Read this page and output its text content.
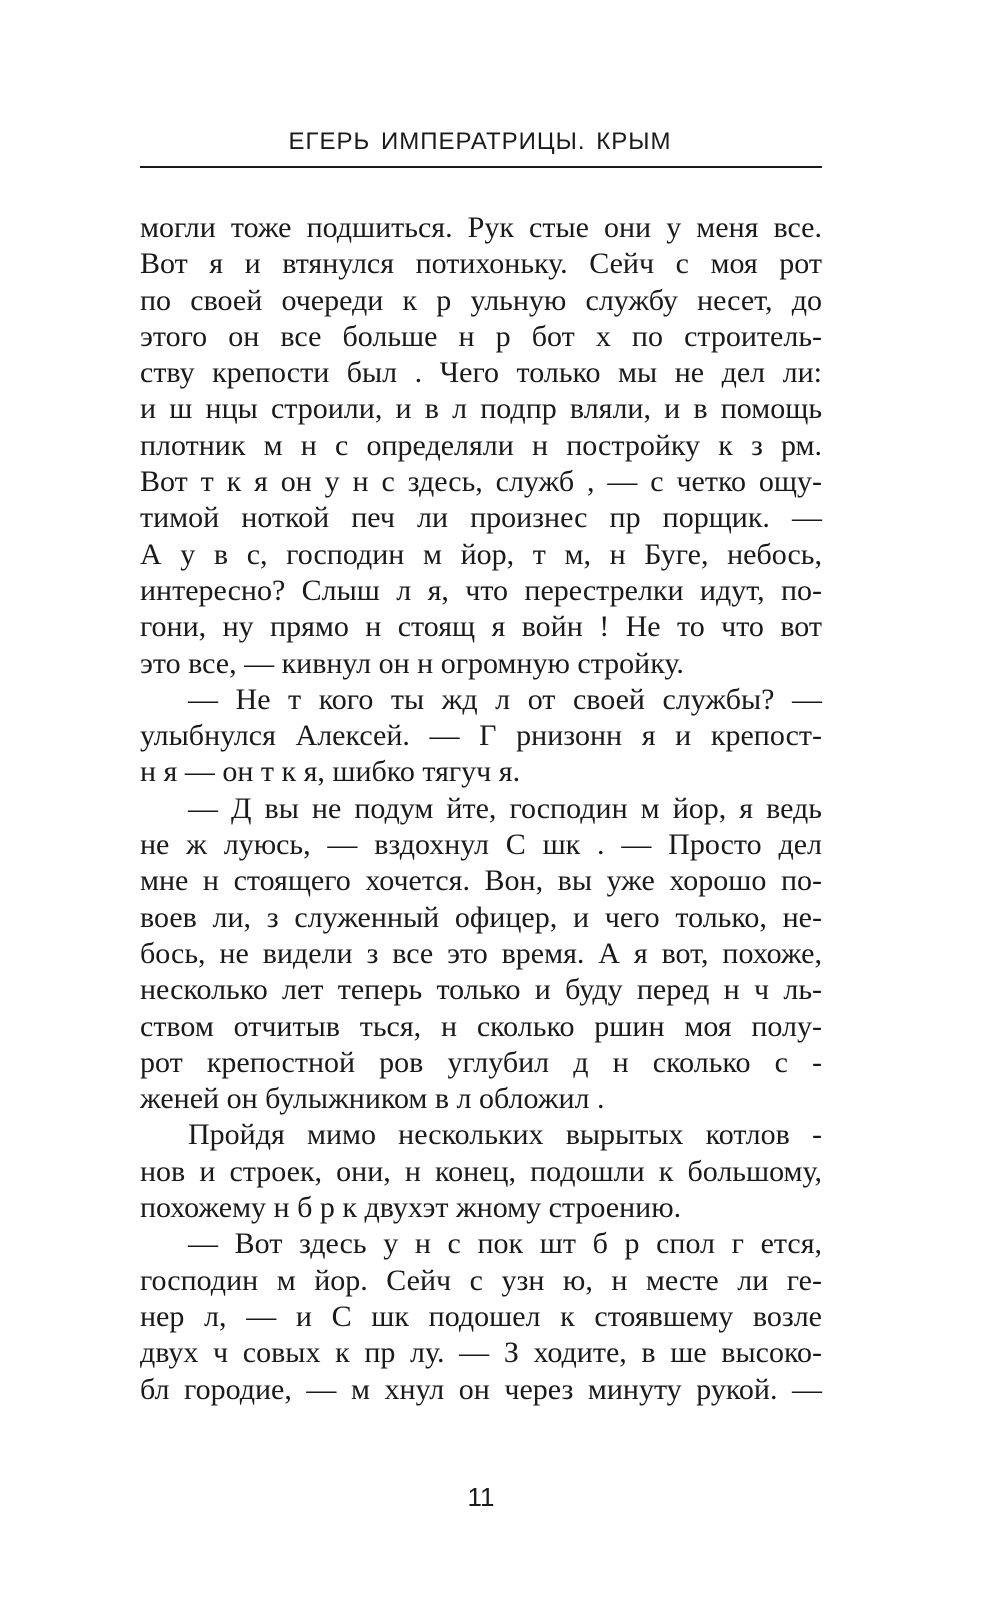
ЕГЕРЬ ИМПЕРАТРИЦЫ. КРЫМ
могли тоже подшиться. Рук стые они у меня все.
Вот я и втянулся потихоньку. Сейч с моя рот
по своей очереди к р ульную службу несет, до
этого он все больше н р бот х по строитель-
ству крепости был . Чего только мы не дел ли:
и ш нцы строили, и в л подпр вляли, и в помощь
плотник м н с определяли н постройку к з рм.
Вот т к я он у н с здесь, служб , — с четко ощу-
тимой ноткой печ ли произнес пр порщик. —
А у в с, господин м йор, т м, н Буге, небось,
интересно? Слыш л я, что перестрелки идут, по-
гони, ну прямо н стоящ я войн ! Не то что вот
это все, — кивнул он н огромную стройку.
— Не т кого ты жд л от своей службы? —
улыбнулся Алексей. — Г рнизонн я и крепост-
н я — он т к я, шибко тягуч я.
— Д вы не подум йте, господин м йор, я ведь
не ж луюсь, — вздохнул С шк . — Просто дел
мне н стоящего хочется. Вон, вы уже хорошо по-
воев ли, з служенный офицер, и чего только, не-
бось, не видели з все это время. А я вот, похоже,
несколько лет теперь только и буду перед н ч ль-
ством отчитыв ться, н сколько ршин моя полу-
рот крепостной ров углубил д н сколько с -
женей он булыжником в л обложил .
Пройдя мимо нескольких вырытых котлов -
нов и строек, они, н конец, подошли к большому,
похожему н б р к двухэт жному строению.
— Вот здесь у н с пок шт б р спол г ется,
господин м йор. Сейч с узн ю, н месте ли ге-
нер л, — и С шк подошел к стоявшему возле
двух ч совых к пр лу. — З ходите, в ше высоко-
бл городие, — м хнул он через минуту рукой. —
11
